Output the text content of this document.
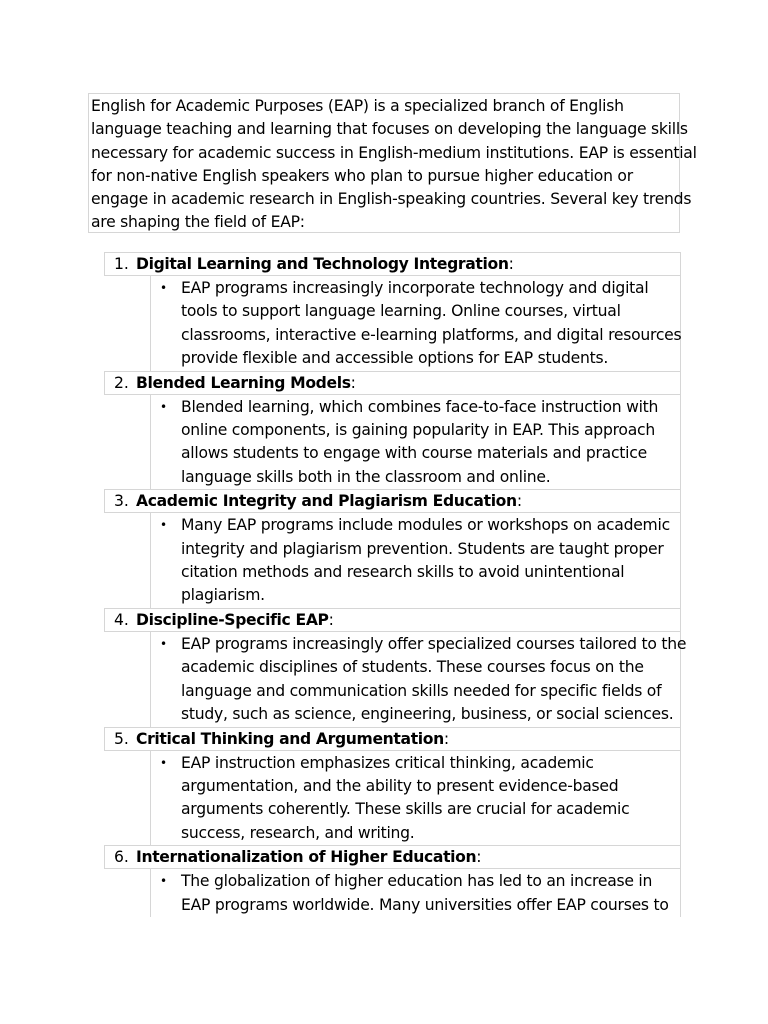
English for Academic Purposes (EAP) is a specialized branch of English
language teaching and learning that focuses on developing the language skills
necessary for academic success in English-medium institutions. EAP is essential
for non-native English speakers who plan to pursue higher education or
engage in academic research in English-speaking countries. Several key trends
are shaping the field of EAP:
1. Digital Learning and Technology Integration:
• EAP programs increasingly incorporate technology and digital
tools to support language learning. Online courses, virtual
classrooms, interactive e-learning platforms, and digital resources
provide flexible and accessible options for EAP students.
2. Blended Learning Models:
• Blended learning, which combines face-to-face instruction with
online components, is gaining popularity in EAP. This approach
allows students to engage with course materials and practice
language skills both in the classroom and online.
3. Academic Integrity and Plagiarism Education:
• Many EAP programs include modules or workshops on academic
integrity and plagiarism prevention. Students are taught proper
citation methods and research skills to avoid unintentional
plagiarism.
4. Discipline-Specific EAP:
• EAP programs increasingly offer specialized courses tailored to the
academic disciplines of students. These courses focus on the
language and communication skills needed for specific fields of
study, such as science, engineering, business, or social sciences.
5. Critical Thinking and Argumentation:
• EAP instruction emphasizes critical thinking, academic
argumentation, and the ability to present evidence-based
arguments coherently. These skills are crucial for academic
success, research, and writing.
6. Internationalization of Higher Education:
• The globalization of higher education has led to an increase in
EAP programs worldwide. Many universities offer EAP courses to
